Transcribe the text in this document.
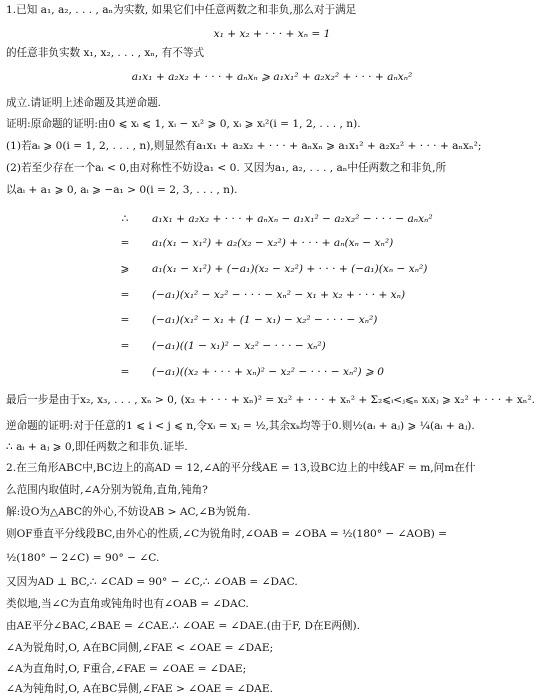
1.已知 a₁, a₂, . . . , aₙ为实数, 如果它们中任意两数之和非负,那么对于满足
x₁ + x₂ + · · · + xₙ = 1
的任意非负实数 x₁, x₂, . . . , xₙ, 有不等式
a₁x₁ + a₂x₂ + · · · + aₙxₙ ⩾ a₁x₁² + a₂x₂² + · · · + aₙxₙ²
成立.请证明上述命题及其逆命题.
证明:原命题的证明:由0 ⩽ xᵢ ⩽ 1, xᵢ − xᵢ² ⩾ 0, xᵢ ⩾ xᵢ²(i = 1, 2, . . . , n).
(1)若aᵢ ⩾ 0(i = 1, 2, . . . , n),则显然有a₁x₁ + a₂x₂ + · · · + aₙxₙ ⩾ a₁x₁² + a₂x₂² + · · · + aₙxₙ²;
(2)若至少存在一个aᵢ < 0,由对称性不妨设a₁ < 0. 又因为a₁, a₂, . . . , aₙ中任两数之和非负,所
以aᵢ + a₁ ⩾ 0, aᵢ ⩾ −a₁ > 0(i = 2, 3, . . . , n).
∴	a₁x₁ + a₂x₂ + · · · + aₙxₙ − a₁x₁² − a₂x₂² − · · · − aₙxₙ²
=	a₁(x₁ − x₁²) + a₂(x₂ − x₂²) + · · · + aₙ(xₙ − xₙ²)
⩾	a₁(x₁ − x₁²) + (−a₁)(x₂ − x₂²) + · · · + (−a₁)(xₙ − xₙ²)
=	(−a₁)(x₁² − x₂² − · · · − xₙ² − x₁ + x₂ + · · · + xₙ)
=	(−a₁)(x₁² − x₁ + (1 − x₁) − x₂² − · · · − xₙ²)
=	(−a₁)((1 − x₁)² − x₂² − · · · − xₙ²)
=	(−a₁)((x₂ + · · · + xₙ)² − x₂² − · · · − xₙ²) ⩾ 0
最后一步是由于x₂, x₃, . . . , xₙ > 0, (x₂ + · · · + xₙ)² = x₂² + · · · + xₙ² + Σ₂⩽ᵢ<ⱼ⩽ₙ xᵢxⱼ ⩾ x₂² + · · · + xₙ².
逆命题的证明:对于任意的1 ⩽ i < j ⩽ n,令xᵢ = xⱼ = ½,其余xₖ均等于0.则½(aᵢ + aⱼ) ⩾ ¼(aᵢ + aⱼ).
∴ aᵢ + aⱼ ⩾ 0,即任两数之和非负.证毕.
2.在三角形ABC中,BC边上的高AD = 12,∠A的平分线AE = 13,设BC边上的中线AF = m,问m在什
么范围内取值时,∠A分别为锐角,直角,钝角?
解:设O为△ABC的外心,不妨设AB > AC,∠B为锐角.
则OF垂直平分线段BC,由外心的性质,∠C为锐角时,∠OAB = ∠OBA = ½(180° − ∠AOB) =
½(180° − 2∠C) = 90° − ∠C.
又因为AD ⊥ BC,∴ ∠CAD = 90° − ∠C,∴ ∠OAB = ∠DAC.
类似地,当∠C为直角或钝角时也有∠OAB = ∠DAC.
由AE平分∠BAC,∠BAE = ∠CAE.∴ ∠OAE = ∠DAE.(由于F, D在E两侧).
∠A为锐角时,O, A在BC同侧,∠FAE < ∠OAE = ∠DAE;
∠A为直角时,O, F重合,∠FAE = ∠OAE = ∠DAE;
∠A为钝角时,O, A在BC异侧,∠FAE > ∠OAE = ∠DAE.
